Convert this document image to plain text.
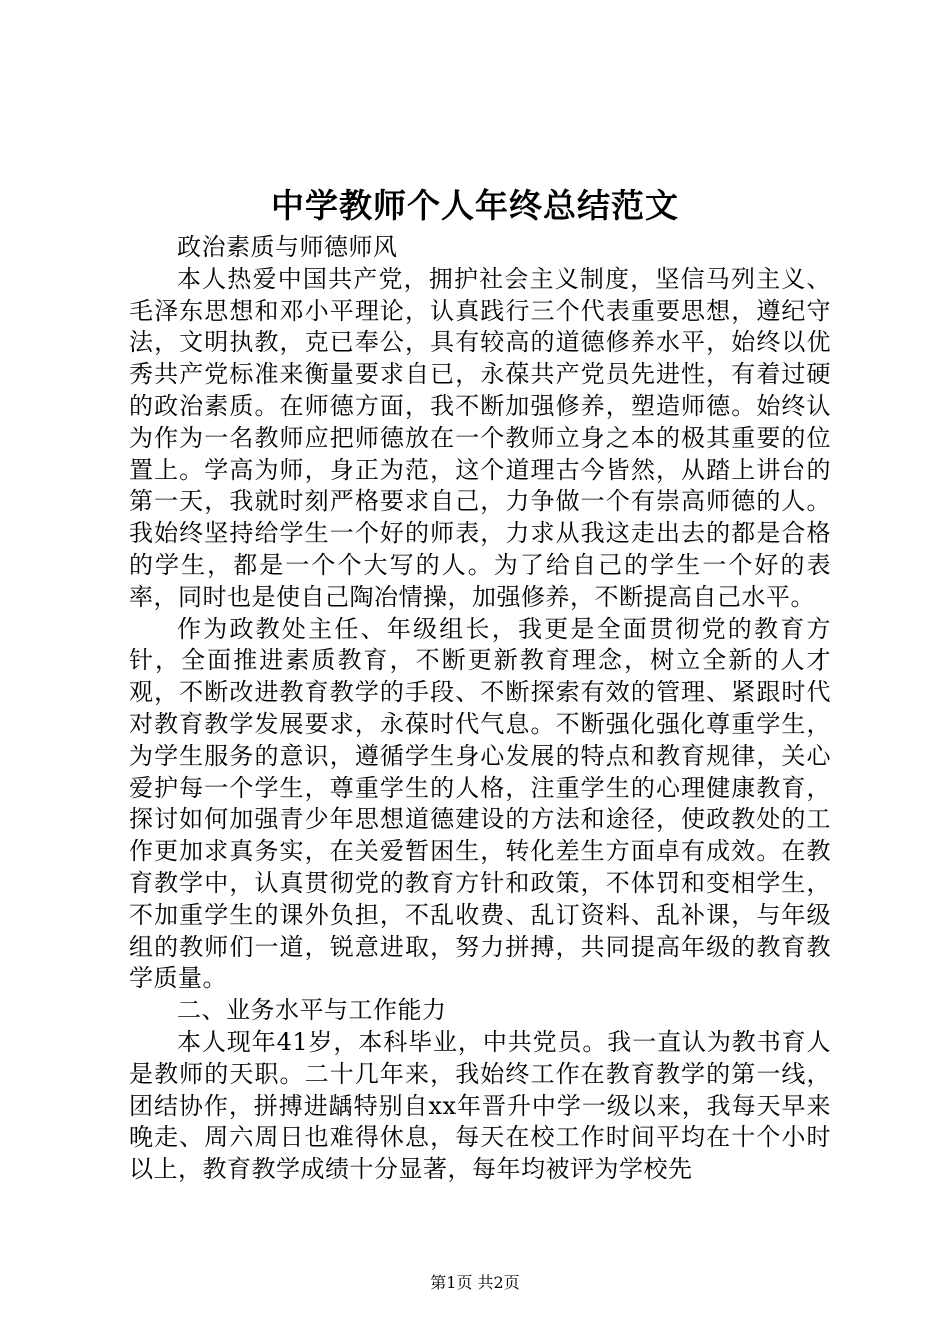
中学教师个人年终总结范文

政治素质与师德师风

本人热爱中国共产党，拥护社会主义制度，坚信马列主义、毛泽东思想和邓小平理论，认真践行三个代表重要思想，遵纪守法，文明执教，克已奉公，具有较高的道德修养水平，始终以优秀共产党标准来衡量要求自已，永葆共产党员先进性，有着过硬的政治素质。在师德方面，我不断加强修养，塑造师德。始终认为作为一名教师应把师德放在一个教师立身之本的极其重要的位置上。学高为师，身正为范，这个道理古今皆然，从踏上讲台的第一天，我就时刻严格要求自己，力争做一个有崇高师德的人。我始终坚持给学生一个好的师表，力求从我这走出去的都是合格的学生，都是一个个大写的人。为了给自己的学生一个好的表率，同时也是使自己陶冶情操，加强修养，不断提高自己水平。

作为政教处主任、年级组长，我更是全面贯彻党的教育方针，全面推进素质教育，不断更新教育理念，树立全新的人才观，不断改进教育教学的手段、不断探索有效的管理、紧跟时代对教育教学发展要求，永葆时代气息。不断强化强化尊重学生，为学生服务的意识，遵循学生身心发展的特点和教育规律，关心爱护每一个学生，尊重学生的人格，注重学生的心理健康教育，探讨如何加强青少年思想道德建设的方法和途径，使政教处的工作更加求真务实，在关爱暂困生，转化差生方面卓有成效。在教育教学中，认真贯彻党的教育方针和政策，不体罚和变相学生，不加重学生的课外负担，不乱收费、乱订资料、乱补课，与年级组的教师们一道，锐意进取，努力拼搏，共同提高年级的教育教学质量。

二、业务水平与工作能力

本人现年41岁，本科毕业，中共党员。我一直认为教书育人是教师的天职。二十几年来，我始终工作在教育教学的第一线，团结协作，拼搏进龋特别自xx年晋升中学一级以来，我每天早来晚走、周六周日也难得休息，每天在校工作时间平均在十个小时以上，教育教学成绩十分显著，每年均被评为学校先

第1页 共2页
